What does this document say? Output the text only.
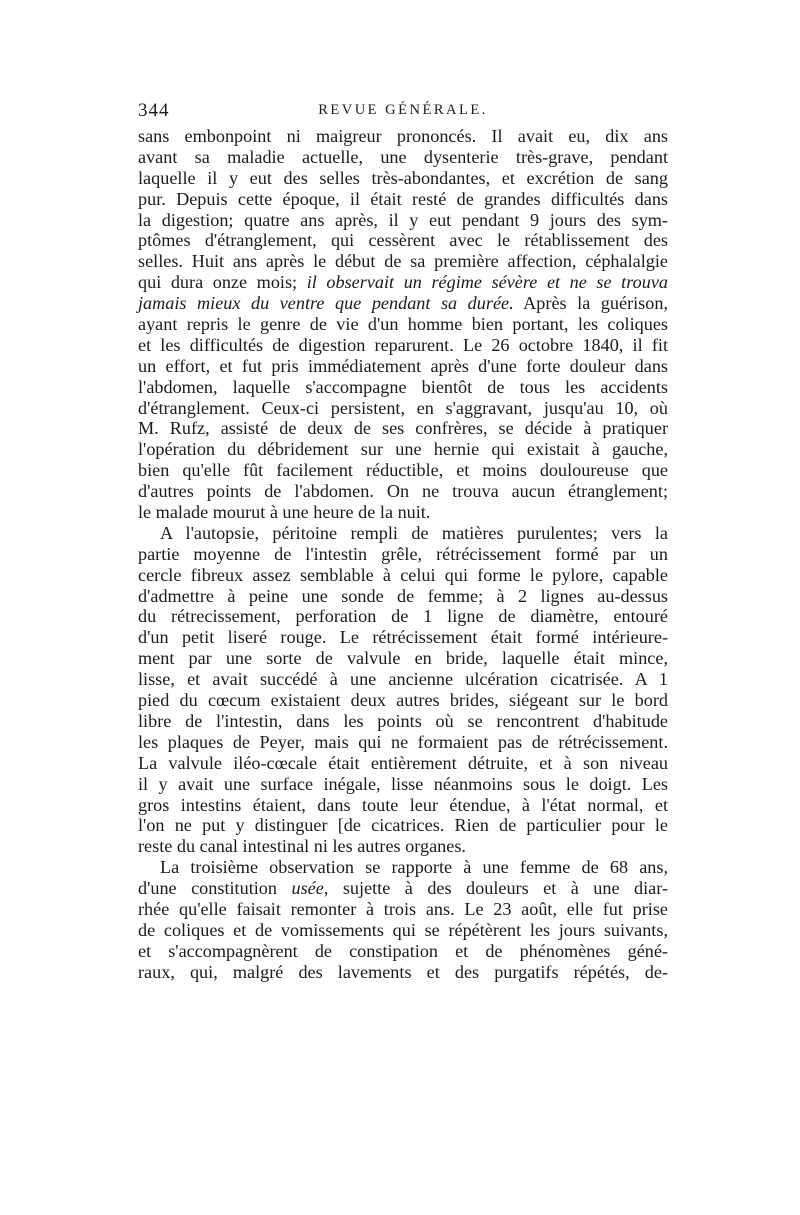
344	REVUE GÉNÉRALE.
sans embonpoint ni maigreur prononcés. Il avait eu, dix ans
avant sa maladie actuelle, une dysenterie très-grave, pendant
laquelle il y eut des selles très-abondantes, et excrétion de sang
pur. Depuis cette époque, il était resté de grandes difficultés dans
la digestion; quatre ans après, il y eut pendant 9 jours des sym-
ptômes d'étranglement, qui cessèrent avec le rétablissement des
selles. Huit ans après le début de sa première affection, céphalalgie
qui dura onze mois; il observait un régime sévère et ne se trouva
jamais mieux du ventre que pendant sa durée. Après la guérison,
ayant repris le genre de vie d'un homme bien portant, les coliques
et les difficultés de digestion reparurent. Le 26 octobre 1840, il fit
un effort, et fut pris immédiatement après d'une forte douleur dans
l'abdomen, laquelle s'accompagne bientôt de tous les accidents
d'étranglement. Ceux-ci persistent, en s'aggravant, jusqu'au 10, où
M. Rufz, assisté de deux de ses confrères, se décide à pratiquer
l'opération du débridement sur une hernie qui existait à gauche,
bien qu'elle fût facilement réductible, et moins douloureuse que
d'autres points de l'abdomen. On ne trouva aucun étranglement;
le malade mourut à une heure de la nuit.
A l'autopsie, péritoine rempli de matières purulentes; vers la
partie moyenne de l'intestin grêle, rétrécissement formé par un
cercle fibreux assez semblable à celui qui forme le pylore, capable
d'admettre à peine une sonde de femme; à 2 lignes au-dessus
du rétrecissement, perforation de 1 ligne de diamètre, entouré
d'un petit liseré rouge. Le rétrécissement était formé intérieure-
ment par une sorte de valvule en bride, laquelle était mince,
lisse, et avait succédé à une ancienne ulcération cicatrisée. A 1
pied du cœcum existaient deux autres brides, siégeant sur le bord
libre de l'intestin, dans les points où se rencontrent d'habitude
les plaques de Peyer, mais qui ne formaient pas de rétrécissement.
La valvule iléo-cœcale était entièrement détruite, et à son niveau
il y avait une surface inégale, lisse néanmoins sous le doigt. Les
gros intestins étaient, dans toute leur étendue, à l'état normal, et
l'on ne put y distinguer [de cicatrices. Rien de particulier pour le
reste du canal intestinal ni les autres organes.
La troisième observation se rapporte à une femme de 68 ans,
d'une constitution usée, sujette à des douleurs et à une diar-
rhée qu'elle faisait remonter à trois ans. Le 23 août, elle fut prise
de coliques et de vomissements qui se répétèrent les jours suivants,
et s'accompagnèrent de constipation et de phénomènes géné-
raux, qui, malgré des lavements et des purgatifs répétés, de-
